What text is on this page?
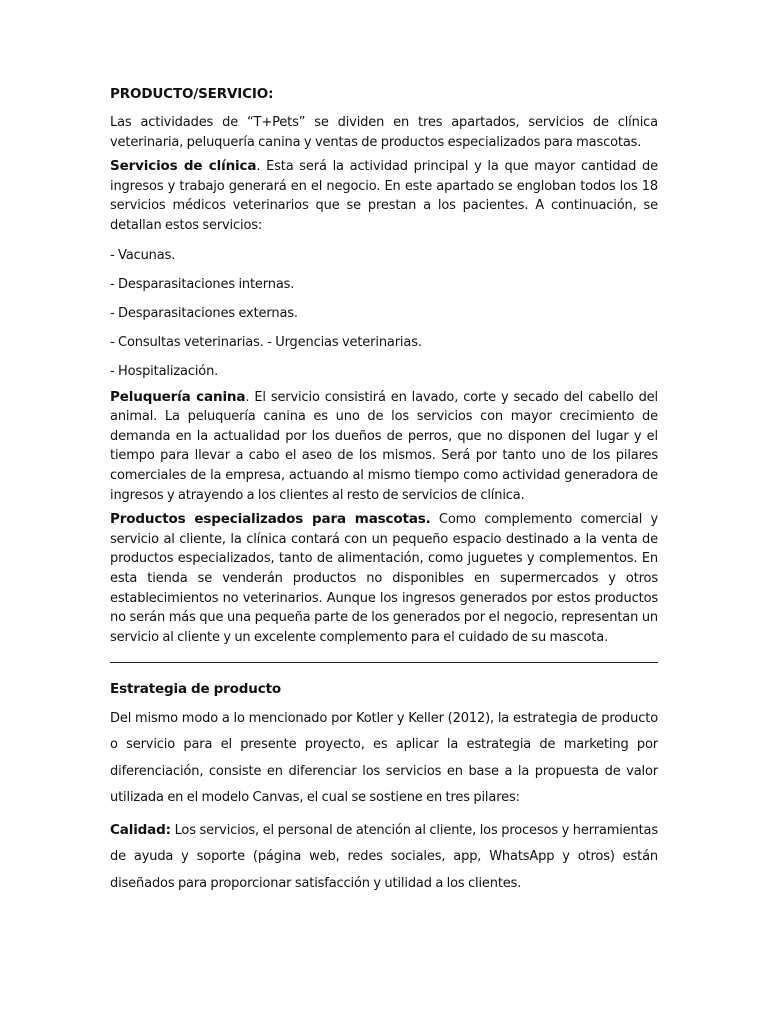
PRODUCTO/SERVICIO:

Las actividades de “T+Pets” se dividen en tres apartados, servicios de clínica veterinaria, peluquería canina y ventas de productos especializados para mascotas.

Servicios de clínica. Esta será la actividad principal y la que mayor cantidad de ingresos y trabajo generará en el negocio. En este apartado se engloban todos los 18 servicios médicos veterinarios que se prestan a los pacientes. A continuación, se detallan estos servicios:

- Vacunas.

- Desparasitaciones internas.

- Desparasitaciones externas.

- Consultas veterinarias. - Urgencias veterinarias.

- Hospitalización.

Peluquería canina. El servicio consistirá en lavado, corte y secado del cabello del animal. La peluquería canina es uno de los servicios con mayor crecimiento de demanda en la actualidad por los dueños de perros, que no disponen del lugar y el tiempo para llevar a cabo el aseo de los mismos. Será por tanto uno de los pilares comerciales de la empresa, actuando al mismo tiempo como actividad generadora de ingresos y atrayendo a los clientes al resto de servicios de clínica.

Productos especializados para mascotas. Como complemento comercial y servicio al cliente, la clínica contará con un pequeño espacio destinado a la venta de productos especializados, tanto de alimentación, como juguetes y complementos. En esta tienda se venderán productos no disponibles en supermercados y otros establecimientos no veterinarios. Aunque los ingresos generados por estos productos no serán más que una pequeña parte de los generados por el negocio, representan un servicio al cliente y un excelente complemento para el cuidado de su mascota.

Estrategia de producto

Del mismo modo a lo mencionado por Kotler y Keller (2012), la estrategia de producto o servicio para el presente proyecto, es aplicar la estrategia de marketing por diferenciación, consiste en diferenciar los servicios en base a la propuesta de valor utilizada en el modelo Canvas, el cual se sostiene en tres pilares:

Calidad: Los servicios, el personal de atención al cliente, los procesos y herramientas de ayuda y soporte (página web, redes sociales, app, WhatsApp y otros) están diseñados para proporcionar satisfacción y utilidad a los clientes.
